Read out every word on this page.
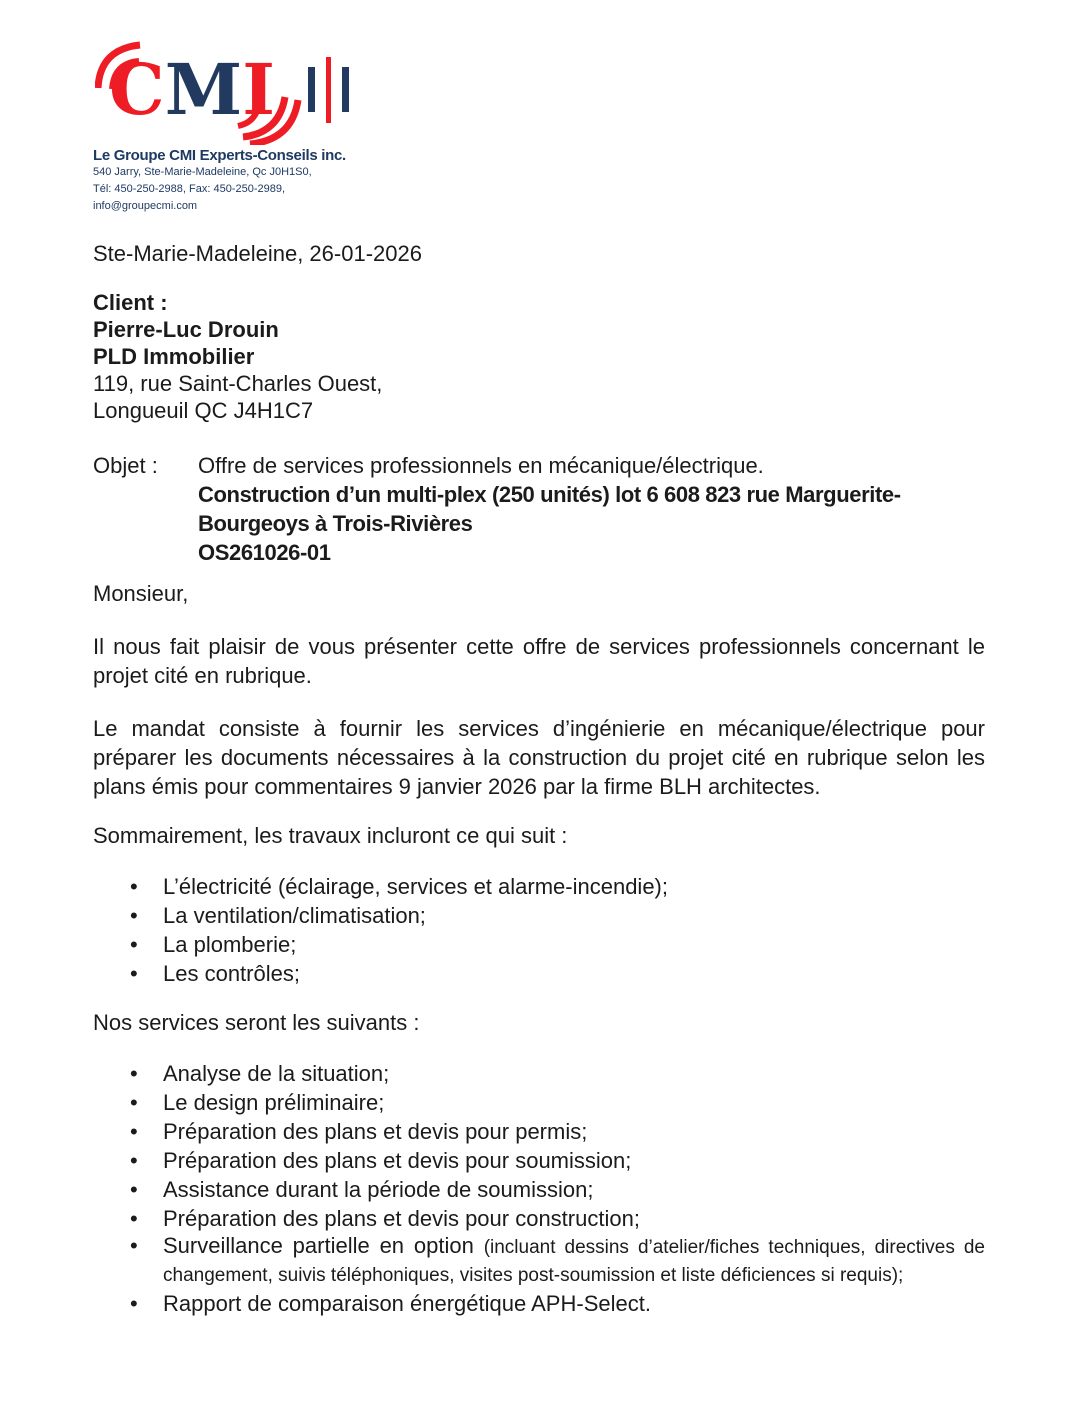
CMI
Le Groupe CMI Experts-Conseils inc.
540 Jarry, Ste-Marie-Madeleine, Qc J0H1S0,
Tél: 450-250-2988, Fax: 450-250-2989,
info@groupecmi.com

Ste-Marie-Madeleine, 26-01-2026

Client :
Pierre-Luc Drouin
PLD Immobilier
119, rue Saint-Charles Ouest,
Longueuil QC J4H1C7
Objet :	Offre de services professionnels en mécanique/électrique.
Construction d’un multi-plex (250 unités) lot 6 608 823 rue Marguerite-
Bourgeoys à Trois-Rivières
OS261026-01

Monsieur,

Il nous fait plaisir de vous présenter cette offre de services professionnels concernant le projet cité en rubrique.

Le mandat consiste à fournir les services d’ingénierie en mécanique/électrique pour préparer les documents nécessaires à la construction du projet cité en rubrique selon les plans émis pour commentaires 9 janvier 2026 par la firme BLH architectes.

Sommairement, les travaux incluront ce qui suit :

•	L’électricité (éclairage, services et alarme-incendie);
•	La ventilation/climatisation;
•	La plomberie;
•	Les contrôles;

Nos services seront les suivants :

•	Analyse de la situation;
•	Le design préliminaire;
•	Préparation des plans et devis pour permis;
•	Préparation des plans et devis pour soumission;
•	Assistance durant la période de soumission;
•	Préparation des plans et devis pour construction;
•	Surveillance partielle en option (incluant dessins d’atelier/fiches techniques, directives de changement, suivis téléphoniques, visites post-soumission et liste déficiences si requis);
•	Rapport de comparaison énergétique APH-Select.
